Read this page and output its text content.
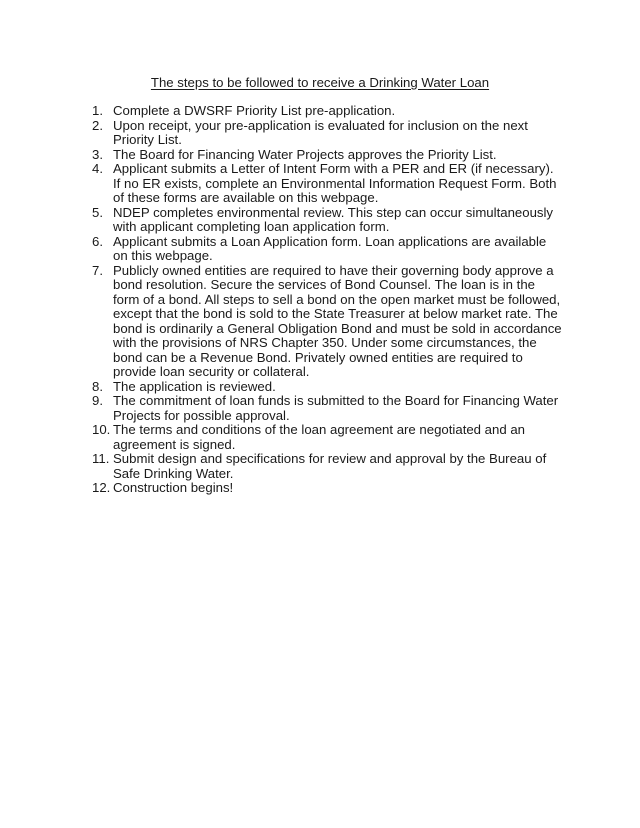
The steps to be followed to receive a Drinking Water Loan
1. Complete a DWSRF Priority List pre-application.
2. Upon receipt, your pre-application is evaluated for inclusion on the next Priority List.
3. The Board for Financing Water Projects approves the Priority List.
4. Applicant submits a Letter of Intent Form with a PER and ER (if necessary). If no ER exists, complete an Environmental Information Request Form. Both of these forms are available on this webpage.
5. NDEP completes environmental review. This step can occur simultaneously with applicant completing loan application form.
6. Applicant submits a Loan Application form. Loan applications are available on this webpage.
7. Publicly owned entities are required to have their governing body approve a bond resolution. Secure the services of Bond Counsel. The loan is in the form of a bond. All steps to sell a bond on the open market must be followed, except that the bond is sold to the State Treasurer at below market rate. The bond is ordinarily a General Obligation Bond and must be sold in accordance with the provisions of NRS Chapter 350. Under some circumstances, the bond can be a Revenue Bond. Privately owned entities are required to provide loan security or collateral.
8. The application is reviewed.
9. The commitment of loan funds is submitted to the Board for Financing Water Projects for possible approval.
10. The terms and conditions of the loan agreement are negotiated and an agreement is signed.
11. Submit design and specifications for review and approval by the Bureau of Safe Drinking Water.
12. Construction begins!
